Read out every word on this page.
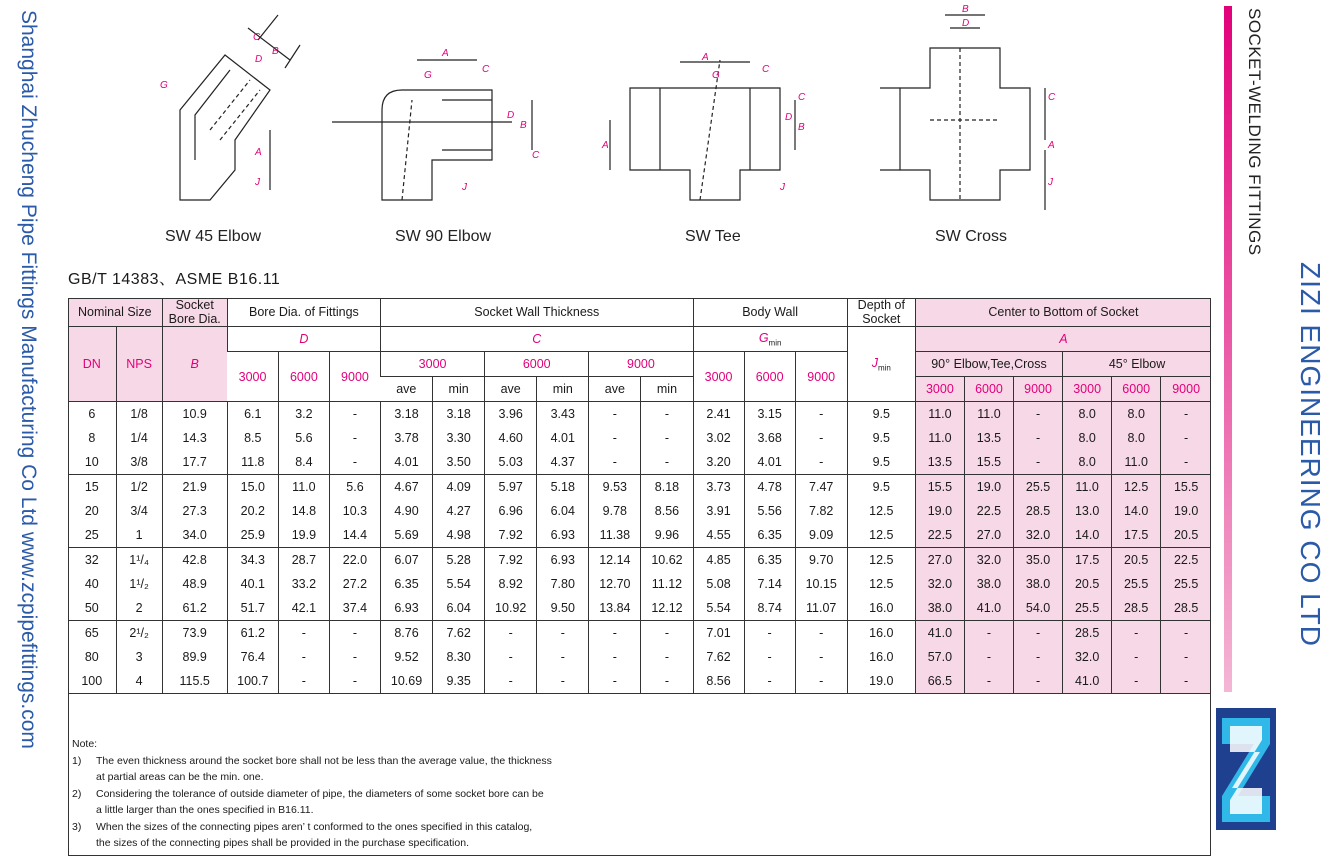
Shanghai Zhucheng Pipe Fittings Manufacturing Co Ltd www.zcpipefittings.com	C
B
D
G
A
J
A
C
B
D
G
J
C
A
C
A
B
D
C
G
J
B
D
C
A
J
SW 45 Elbow	SW 90 Elbow	SW Tee	SW Cross
GB/T 14383、ASME B16.11
Nominal Size		Socket
Bore Dia.	Bore Dia. of Fittings			Socket Wall Thickness						Body Wall			Depth of
Socket	Center to Bottom of Socket					
DN	NPS	B	D			C						$G_{min}$			$J_{min}$	A					
			3000	6000	9000	3000		6000		9000		3000	6000	9000		90° Elbow,Tee,Cross			45° Elbow		
						ave	min	ave	min	ave	min					3000	6000	9000	3000	6000	9000
6	1/8	10.9	6.1	3.2	-	3.18	3.18	3.96	3.43	-	-	2.41	3.15	-	9.5	11.0	11.0	-	8.0	8.0	-
8	1/4	14.3	8.5	5.6	-	3.78	3.30	4.60	4.01	-	-	3.02	3.68	-	9.5	11.0	13.5	-	8.0	8.0	-
10	3/8	17.7	11.8	8.4	-	4.01	3.50	5.03	4.37	-	-	3.20	4.01	-	9.5	13.5	15.5	-	8.0	11.0	-
15	1/2	21.9	15.0	11.0	5.6	4.67	4.09	5.97	5.18	9.53	8.18	3.73	4.78	7.47	9.5	15.5	19.0	25.5	11.0	12.5	15.5
20	3/4	27.3	20.2	14.8	10.3	4.90	4.27	6.96	6.04	9.78	8.56	3.91	5.56	7.82	12.5	19.0	22.5	28.5	13.0	14.0	19.0
25	1	34.0	25.9	19.9	14.4	5.69	4.98	7.92	6.93	11.38	9.96	4.55	6.35	9.09	12.5	22.5	27.0	32.0	14.0	17.5	20.5
32	1¹/₄	42.8	34.3	28.7	22.0	6.07	5.28	7.92	6.93	12.14	10.62	4.85	6.35	9.70	12.5	27.0	32.0	35.0	17.5	20.5	22.5
40	1¹/₂	48.9	40.1	33.2	27.2	6.35	5.54	8.92	7.80	12.70	11.12	5.08	7.14	10.15	12.5	32.0	38.0	38.0	20.5	25.5	25.5
50	2	61.2	51.7	42.1	37.4	6.93	6.04	10.92	9.50	13.84	12.12	5.54	8.74	11.07	16.0	38.0	41.0	54.0	25.5	28.5	28.5
65	2¹/₂	73.9	61.2	-	-	8.76	7.62	-	-	-	-	7.01	-	-	16.0	41.0	-	-	28.5	-	-
80	3	89.9	76.4	-	-	9.52	8.30	-	-	-	-	7.62	-	-	16.0	57.0	-	-	32.0	-	-
100	4	115.5	100.7	-	-	10.69	9.35	-	-	-	-	8.56	-	-	19.0	66.5	-	-	41.0	-	-

Note:
1)	The even thickness around the socket bore shall not be less than the average value, the thickness
at partial areas can be the min. one.
2)	Considering the tolerance of outside diameter of pipe, the diameters of some socket bore can be
a little larger than the ones specified in B16.11.
3)	When the sizes of the connecting pipes aren’ t conformed to the ones specified in this catalog,
the sizes of the connecting pipes shall be provided in the purchase specification.
SOCKET-WELDING FITTINGS
ZIZI ENGINEERING CO LTD
